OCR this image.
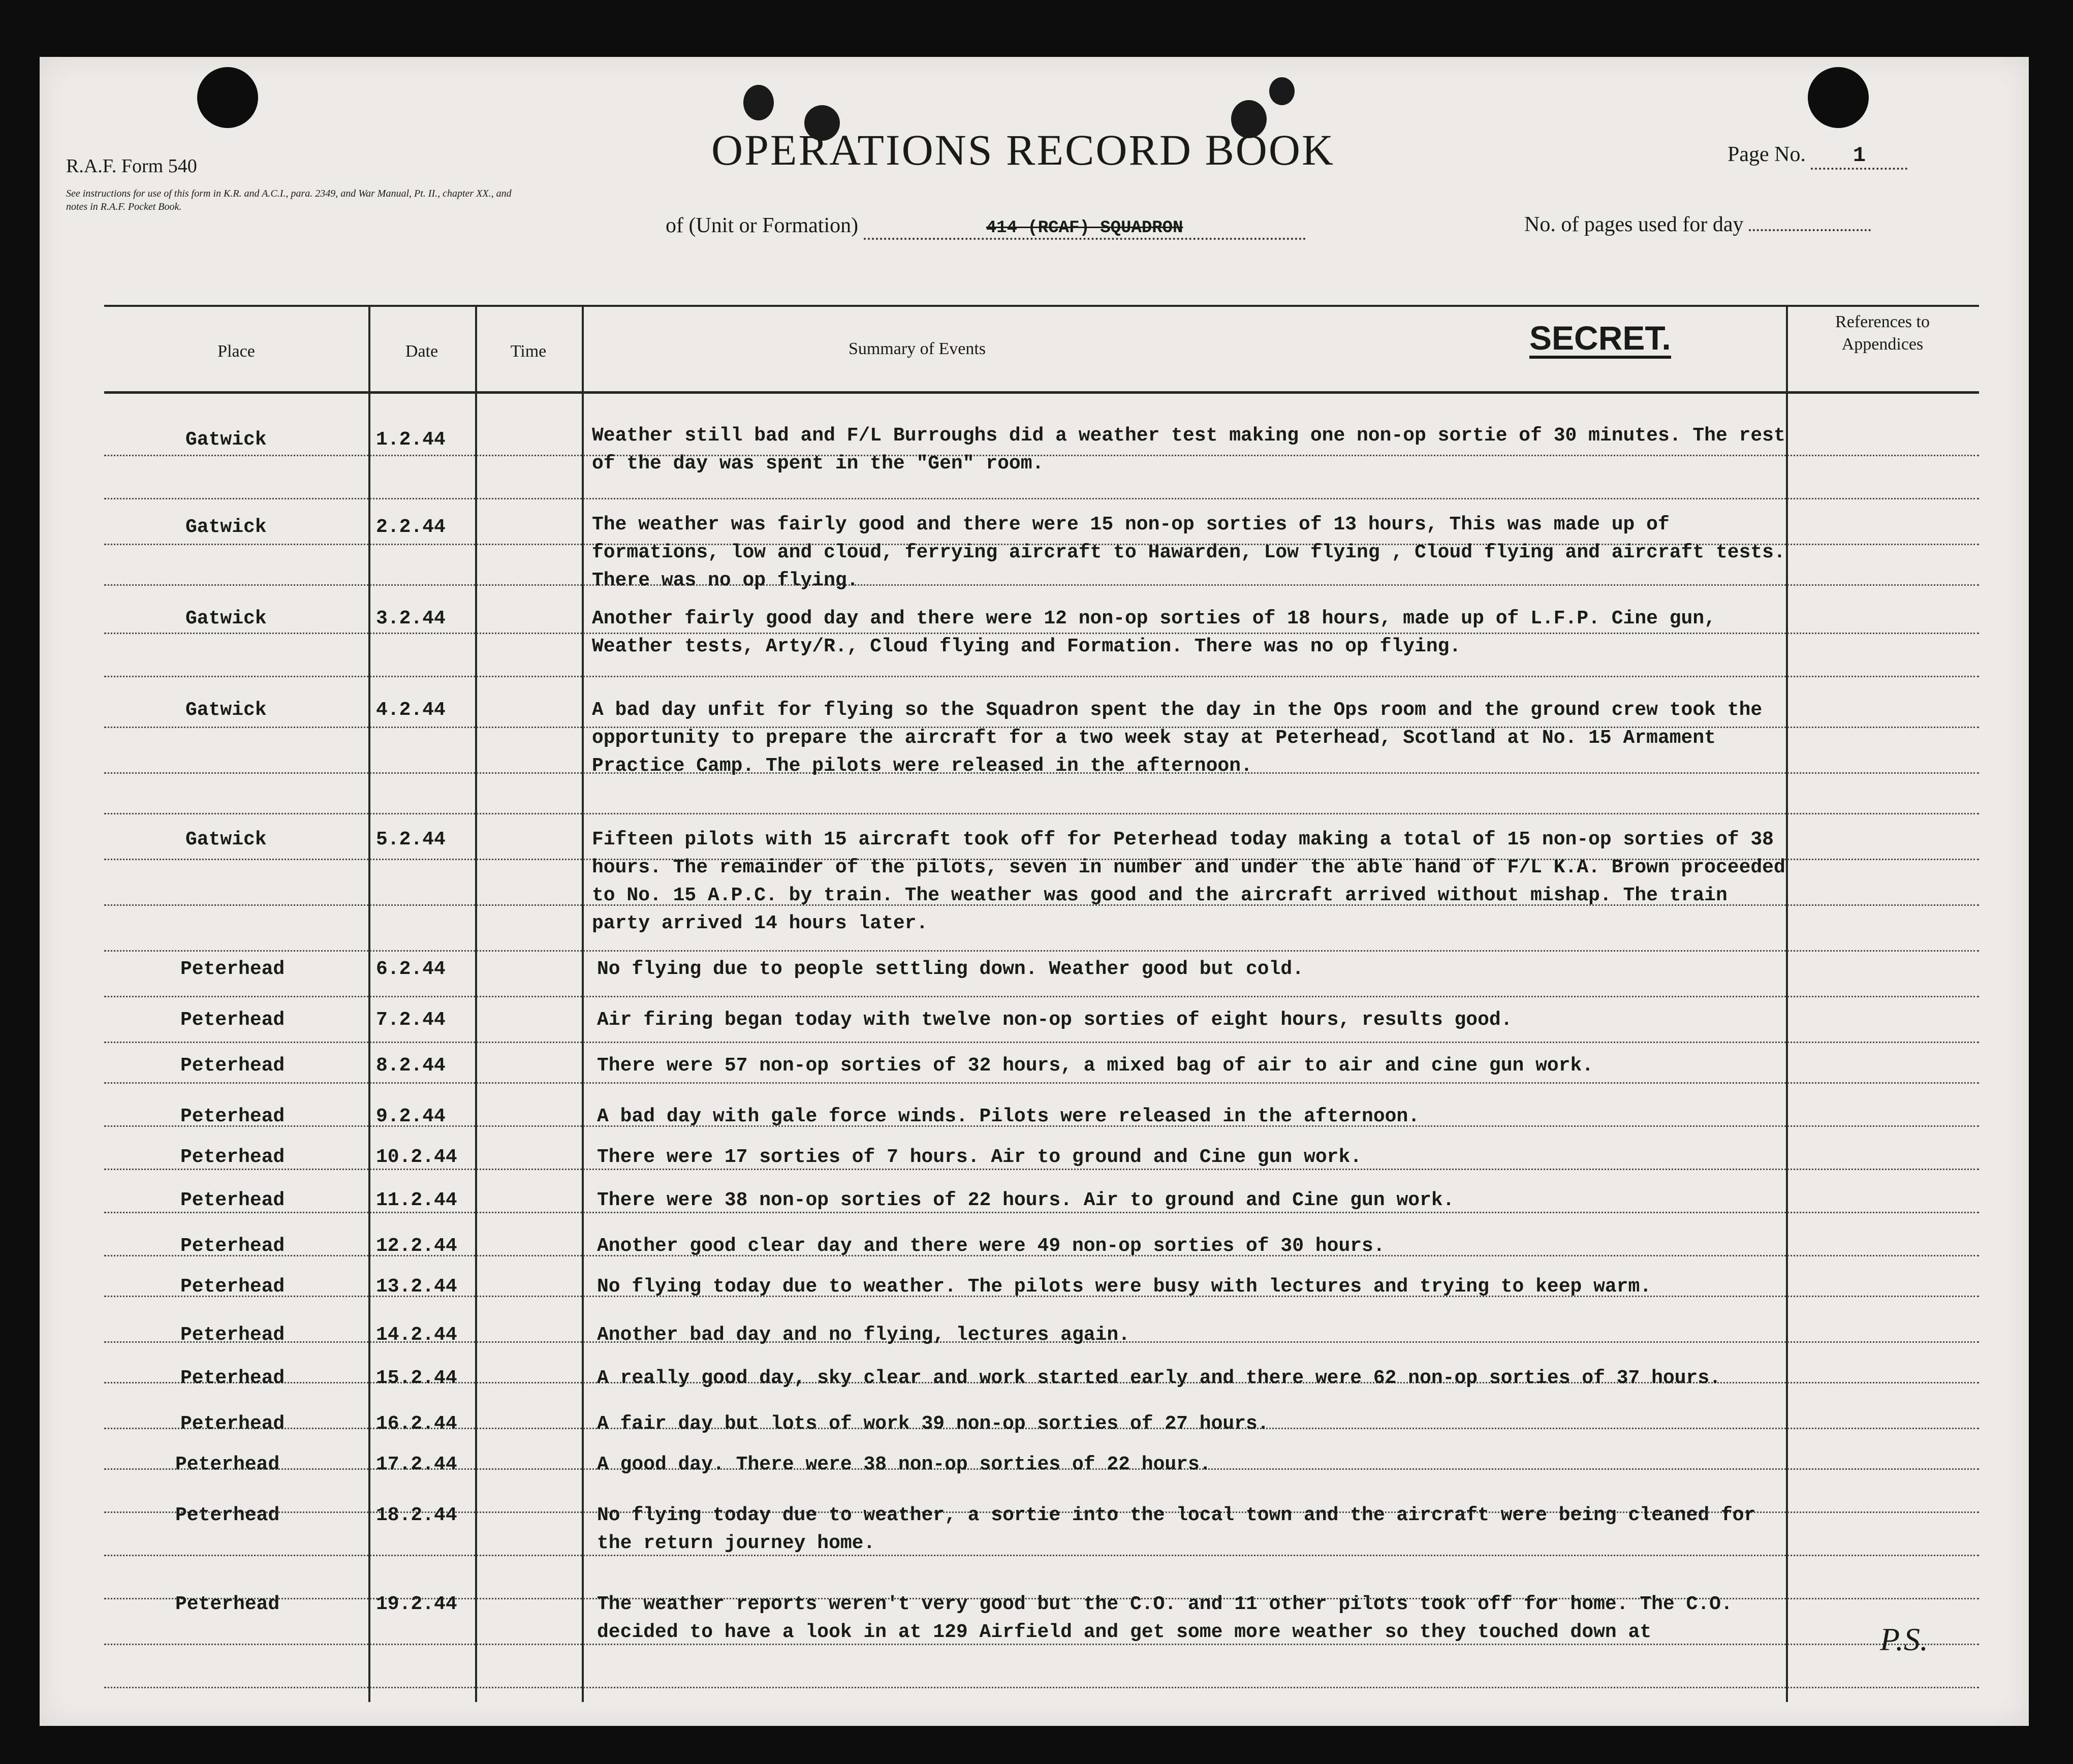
R.A.F. Form 540
See instructions for use of this form in K.R. and A.C.I., para. 2349, and War Manual, Pt. II., chapter XX., and notes in R.A.F. Pocket Book.
OPERATIONS RECORD BOOK	Page No. 1
of (Unit or Formation)	414 (RCAF) SQUADRON	No. of pages used for day
Place	Date	Time	Summary of Events	SECRET.	References to Appendices
Gatwick	1.2.44	Weather still bad and F/L Burroughs did a weather test making one non-op sortie of 30 minutes. The rest of the day was spent in the "Gen" room.
Gatwick	2.2.44	The weather was fairly good and there were 15 non-op sorties of 13 hours, This was made up of formations, low and cloud, ferrying aircraft to Hawarden, Low flying , Cloud flying and aircraft tests. There was no op flying.
Gatwick	3.2.44	Another fairly good day and there were 12 non-op sorties of 18 hours, made up of L.F.P. Cine gun, Weather tests, Arty/R., Cloud flying and Formation. There was no op flying.
Gatwick	4.2.44	A bad day unfit for flying so the Squadron spent the day in the Ops room and the ground crew took the opportunity to prepare the aircraft for a two week stay at Peterhead, Scotland at No. 15 Armament Practice Camp. The pilots were released in the afternoon.
Gatwick	5.2.44	Fifteen pilots with 15 aircraft took off for Peterhead today making a total of 15 non-op sorties of 38 hours. The remainder of the pilots, seven in number and under the able hand of F/L K.A. Brown proceeded to No. 15 A.P.C. by train. The weather was good and the aircraft arrived without mishap. The train party arrived 14 hours later.
Peterhead	6.2.44	No flying due to people settling down. Weather good but cold.
Peterhead	7.2.44	Air firing began today with twelve non-op sorties of eight hours, results good.
Peterhead	8.2.44	There were 57 non-op sorties of 32 hours, a mixed bag of air to air and cine gun work.
Peterhead	9.2.44	A bad day with gale force winds. Pilots were released in the afternoon.
Peterhead	10.2.44	There were 17 sorties of 7 hours. Air to ground and Cine gun work.
Peterhead	11.2.44	There were 38 non-op sorties of 22 hours. Air to ground and Cine gun work.
Peterhead	12.2.44	Another good clear day and there were 49 non-op sorties of 30 hours.
Peterhead	13.2.44	No flying today due to weather. The pilots were busy with lectures and trying to keep warm.
Peterhead	14.2.44	Another bad day and no flying, lectures again.
Peterhead	15.2.44	A really good day, sky clear and work started early and there were 62 non-op sorties of 37 hours.
Peterhead	16.2.44	A fair day but lots of work 39 non-op sorties of 27 hours.
Peterhead	17.2.44	A good day. There were 38 non-op sorties of 22 hours.
Peterhead	18.2.44	No flying today due to weather, a sortie into the local town and the aircraft were being cleaned for the return journey home.
Peterhead	19.2.44	The weather reports weren't very good but the C.O. and 11 other pilots took off for home. The C.O. decided to have a look in at 129 Airfield and get some more weather so they touched down at	P.S.
